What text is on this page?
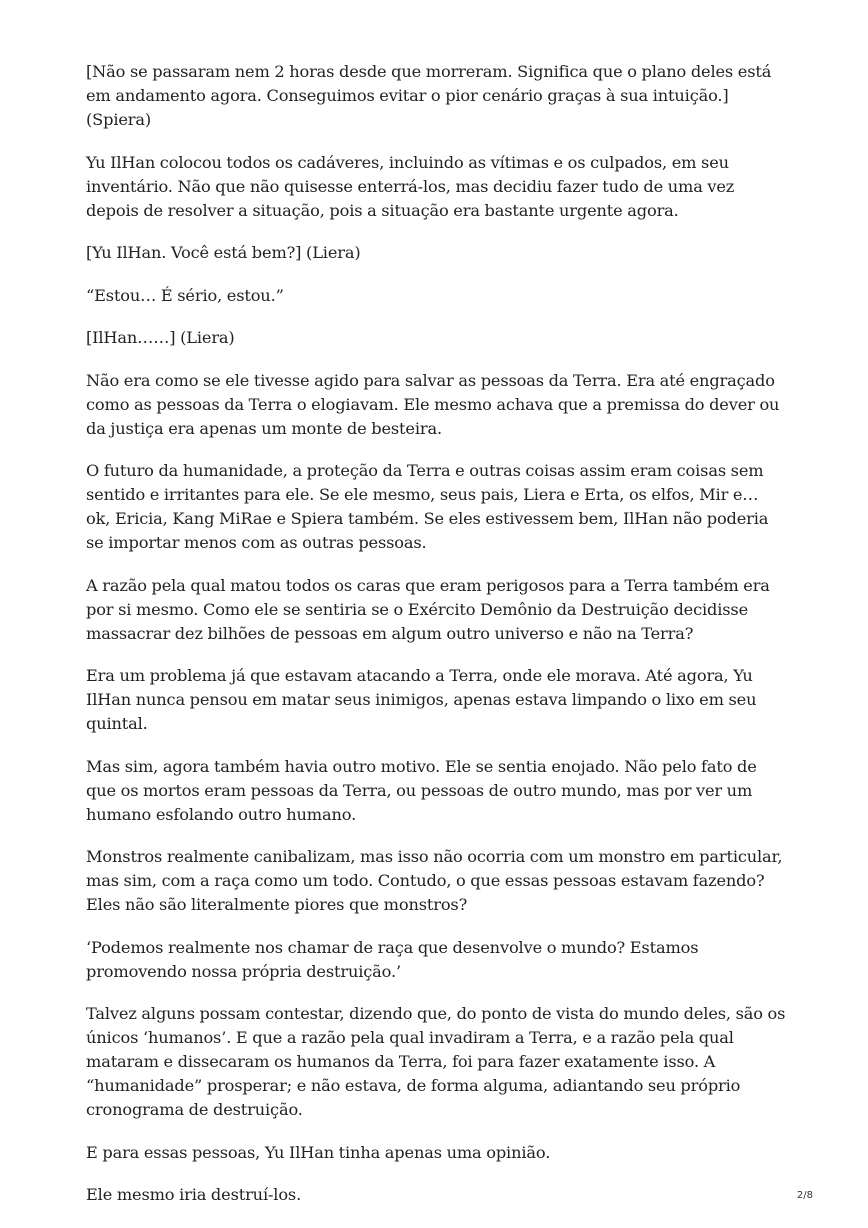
[Não se passaram nem 2 horas desde que morreram. Significa que o plano deles está em andamento agora. Conseguimos evitar o pior cenário graças à sua intuição.] (Spiera)

Yu IlHan colocou todos os cadáveres, incluindo as vítimas e os culpados, em seu inventário. Não que não quisesse enterrá-los, mas decidiu fazer tudo de uma vez depois de resolver a situação, pois a situação era bastante urgente agora.

[Yu IlHan. Você está bem?] (Liera)

“Estou… É sério, estou.”

[IlHan……] (Liera)

Não era como se ele tivesse agido para salvar as pessoas da Terra. Era até engraçado como as pessoas da Terra o elogiavam. Ele mesmo achava que a premissa do dever ou da justiça era apenas um monte de besteira.

O futuro da humanidade, a proteção da Terra e outras coisas assim eram coisas sem sentido e irritantes para ele. Se ele mesmo, seus pais, Liera e Erta, os elfos, Mir e… ok, Ericia, Kang MiRae e Spiera também. Se eles estivessem bem, IlHan não poderia se importar menos com as outras pessoas.

A razão pela qual matou todos os caras que eram perigosos para a Terra também era por si mesmo. Como ele se sentiria se o Exército Demônio da Destruição decidisse massacrar dez bilhões de pessoas em algum outro universo e não na Terra?

Era um problema já que estavam atacando a Terra, onde ele morava. Até agora, Yu IlHan nunca pensou em matar seus inimigos, apenas estava limpando o lixo em seu quintal.

Mas sim, agora também havia outro motivo. Ele se sentia enojado. Não pelo fato de que os mortos eram pessoas da Terra, ou pessoas de outro mundo, mas por ver um humano esfolando outro humano.

Monstros realmente canibalizam, mas isso não ocorria com um monstro em particular, mas sim, com a raça como um todo. Contudo, o que essas pessoas estavam fazendo? Eles não são literalmente piores que monstros?

‘Podemos realmente nos chamar de raça que desenvolve o mundo? Estamos promovendo nossa própria destruição.’

Talvez alguns possam contestar, dizendo que, do ponto de vista do mundo deles, são os únicos ‘humanos’. E que a razão pela qual invadiram a Terra, e a razão pela qual mataram e dissecaram os humanos da Terra, foi para fazer exatamente isso. A “humanidade” prosperar; e não estava, de forma alguma, adiantando seu próprio cronograma de destruição.

E para essas pessoas, Yu IlHan tinha apenas uma opinião.

Ele mesmo iria destruí-los.	2/8
